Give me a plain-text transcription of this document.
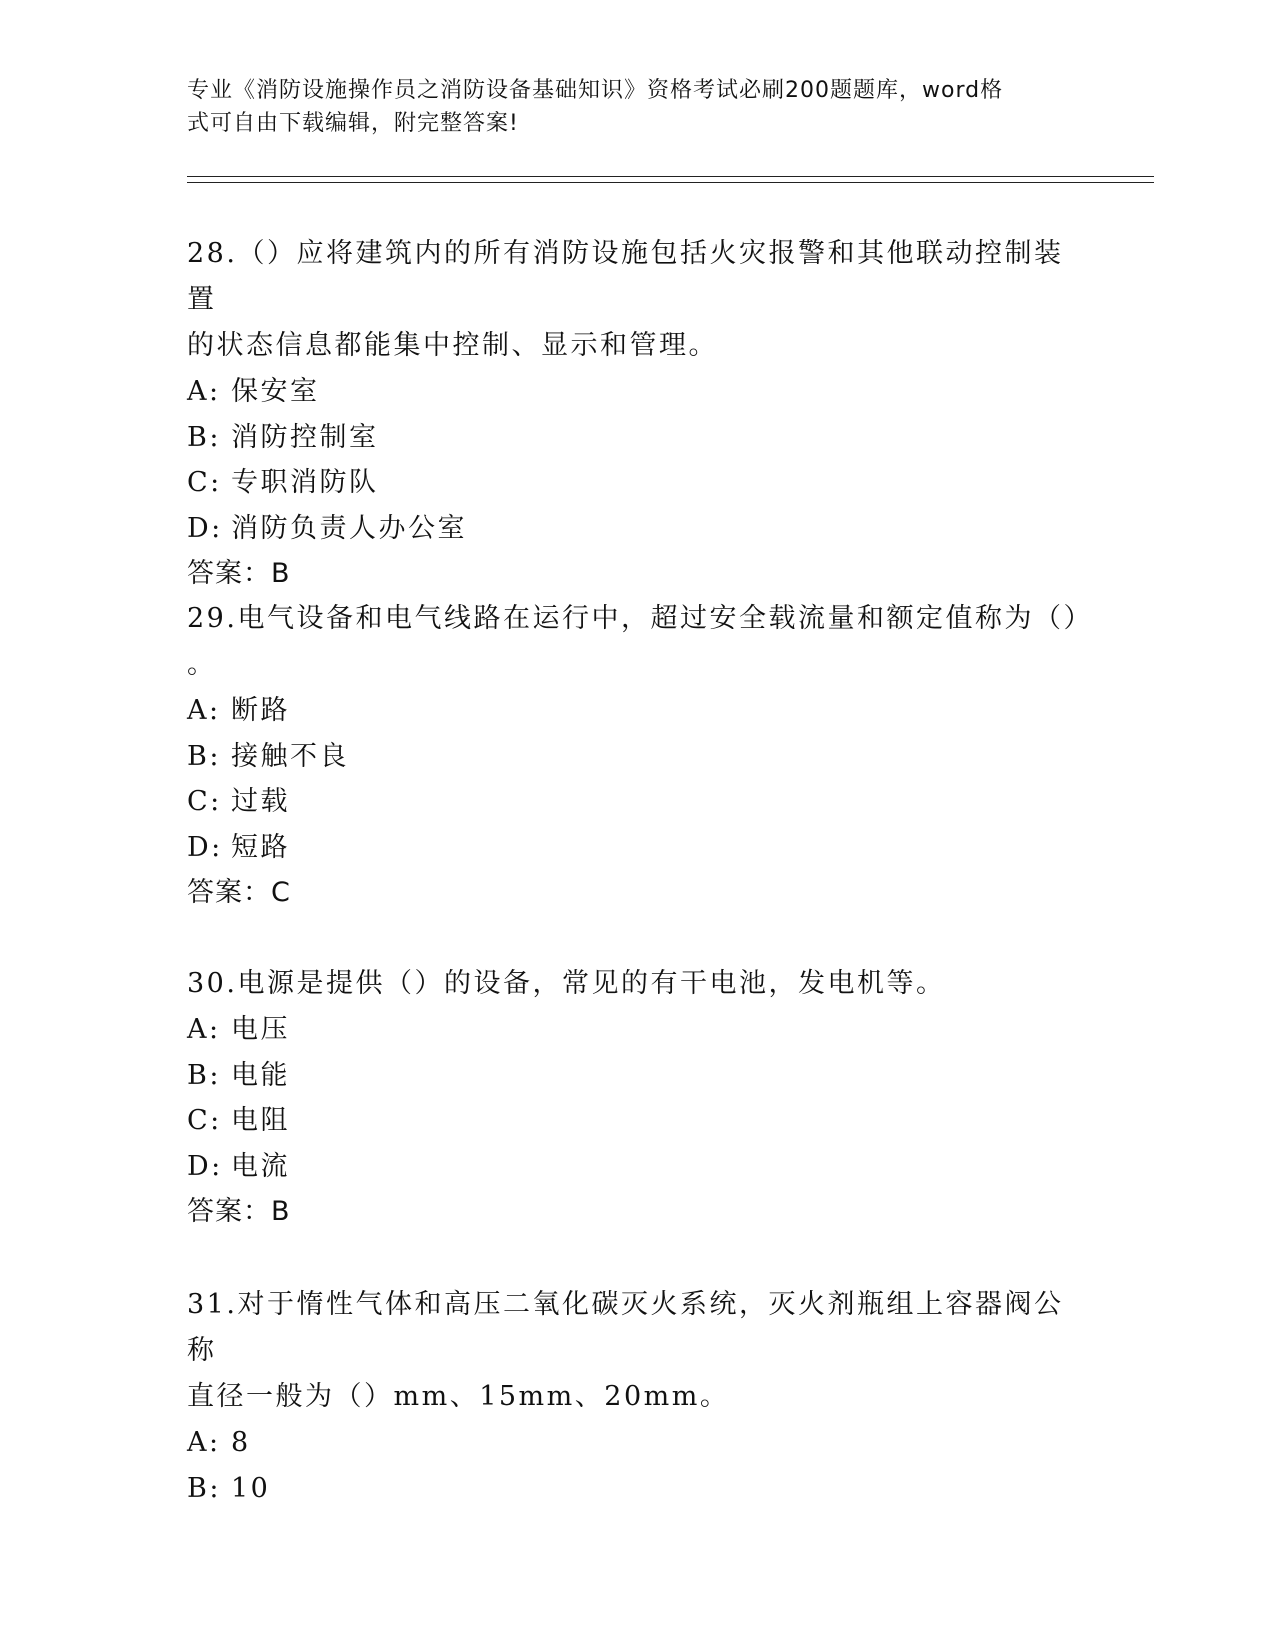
专业《消防设施操作员之消防设备基础知识》资格考试必刷200题题库，word格
式可自由下载编辑，附完整答案!

28.（）应将建筑内的所有消防设施包括火灾报警和其他联动控制装置

的状态信息都能集中控制、显示和管理。

A: 保安室

B: 消防控制室

C: 专职消防队

D: 消防负责人办公室

答案：B

29.电气设备和电气线路在运行中，超过安全载流量和额定值称为（）

。

A: 断路

B: 接触不良

C: 过载

D: 短路

答案：C

30.电源是提供（）的设备，常见的有干电池，发电机等。

A: 电压

B: 电能

C: 电阻

D: 电流

答案：B

31.对于惰性气体和高压二氧化碳灭火系统，灭火剂瓶组上容器阀公称

直径一般为（）mm、15mm、20mm。

A: 8

B: 10
